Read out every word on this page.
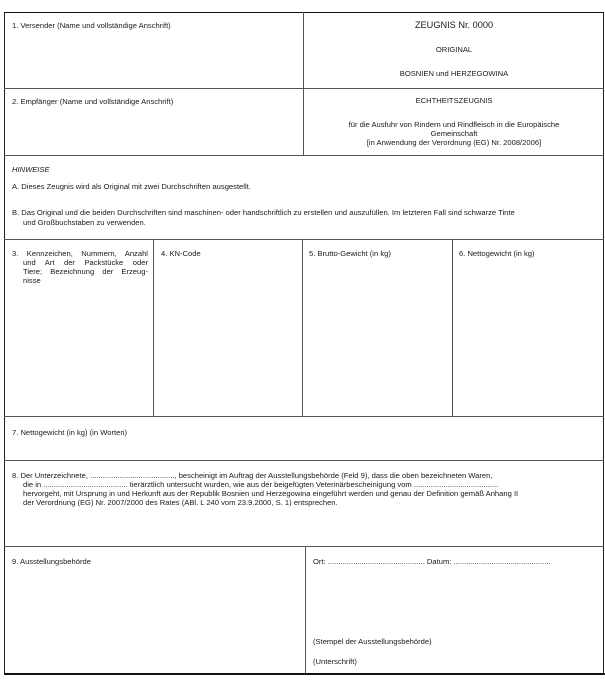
1. Versender (Name und vollständige Anschrift)	ZEUGNIS Nr. 0000
ORIGINAL
BOSNIEN und HERZEGOWINA
2. Empfänger (Name und vollständige Anschrift)	ECHTHEITSZEUGNIS
für die Ausfuhr von Rindern und Rindfleisch in die Europäische
Gemeinschaft
[in Anwendung der Verordnung (EG) Nr. 2008/2006]
HINWEISE
A. Dieses Zeugnis wird als Original mit zwei Durchschriften ausgestellt.
B. Das Original und die beiden Durchschriften sind maschinen- oder handschriftlich zu erstellen und auszufüllen. Im letzteren Fall sind schwarze Tinte
und Großbuchstaben zu verwenden.
3. Kennzeichen, Nummern, Anzahl
und Art der Packstücke oder
Tiere; Bezeichnung der Erzeug-
nisse
4. KN-Code	5. Brutto-Gewicht (in kg)	6. Nettogewicht (in kg)
7. Nettogewicht (in kg) (in Worten)
8. Der Unterzeichnete, ........................................, bescheinigt im Auftrag der Ausstellungsbehörde (Feld 9), dass die oben bezeichneten Waren,
die in ........................................ tierärztlich untersucht wurden, wie aus der beigefügten Veterinärbescheinigung vom ........................................
hervorgeht, mit Ursprung in und Herkunft aus der Republik Bosnien und Herzegowina eingeführt werden und genau der Definition gemäß Anhang II
der Verordnung (EG) Nr. 2007/2000 des Rates (ABl. L 240 vom 23.9.2000, S. 1) entsprechen.
9. Ausstellungsbehörde	Ort: .............................................. Datum: ..............................................
(Stempel der Ausstellungsbehörde)
(Unterschrift)
